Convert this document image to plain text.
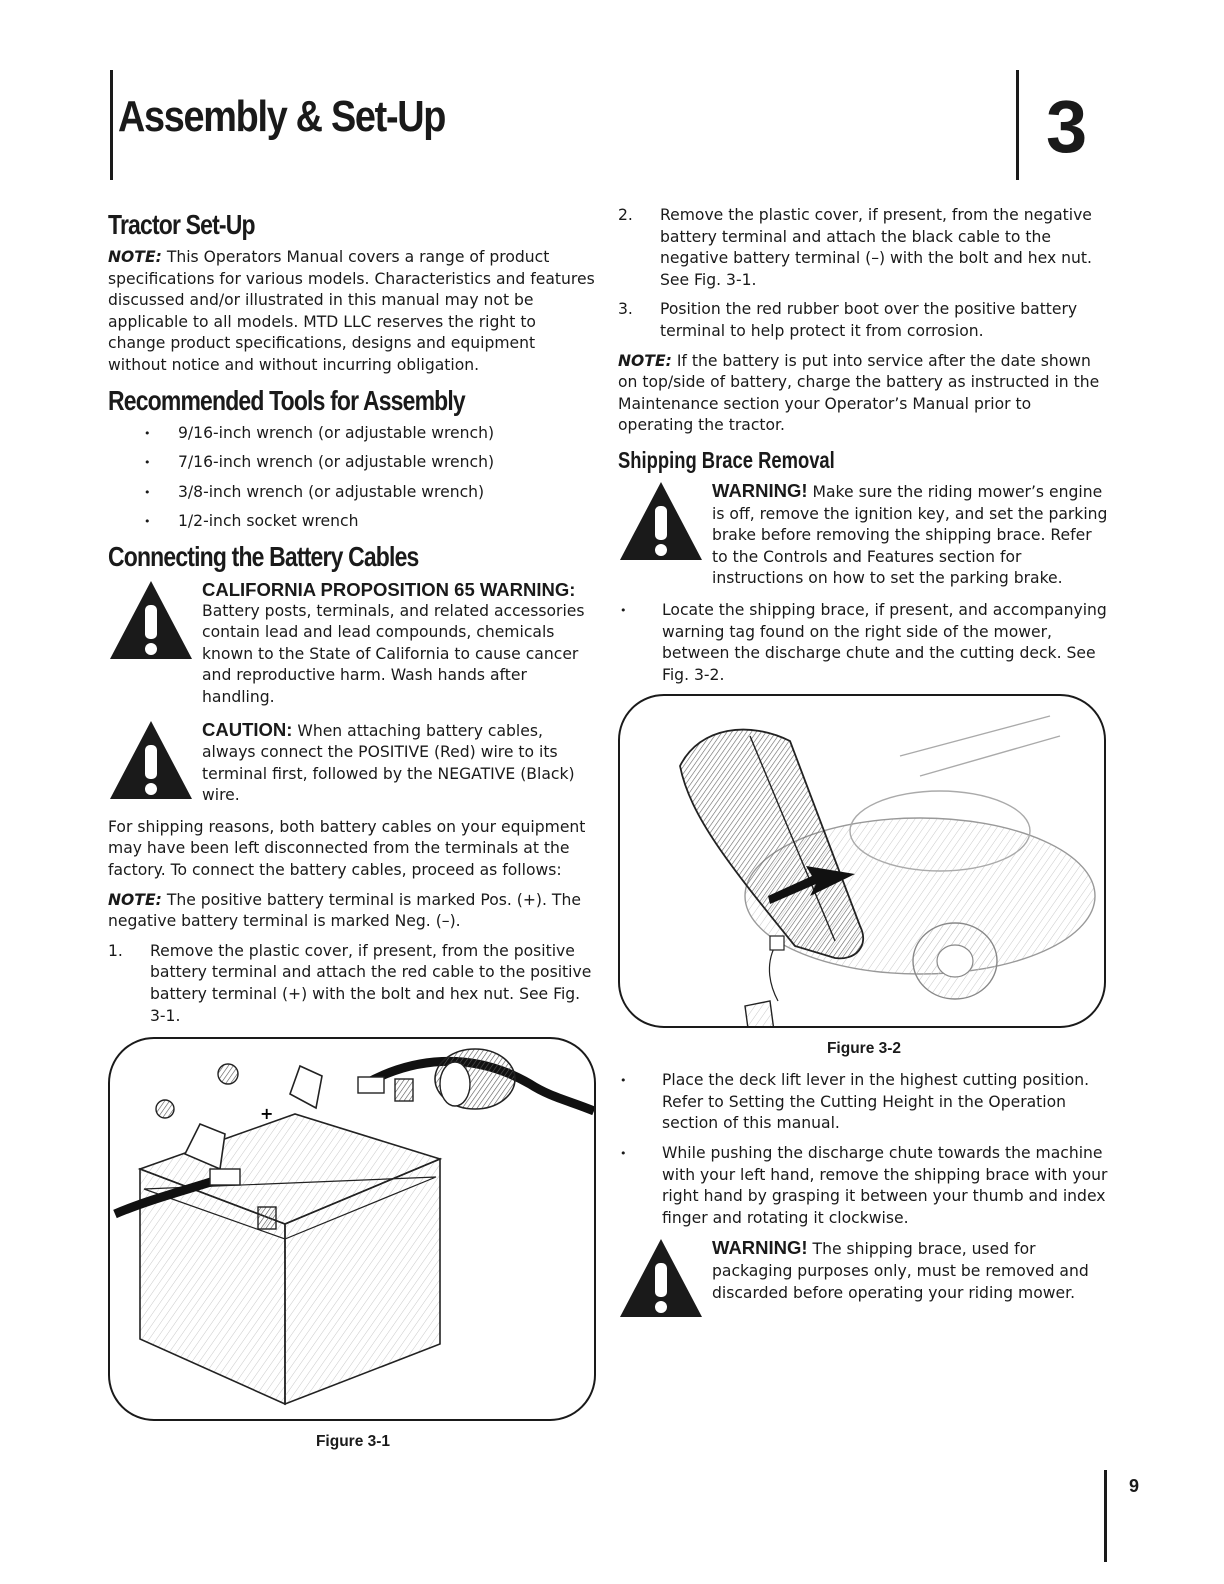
Assembly & Set-Up	3
Tractor Set-Up

NOTE: This Operators Manual covers a range of product specifications for various models. Characteristics and features discussed and/or illustrated in this manual may not be applicable to all models. MTD LLC reserves the right to change product specifications, designs and equipment without notice and without incurring obligation.

Recommended Tools for Assembly
• 9/16-inch wrench (or adjustable wrench)
• 7/16-inch wrench (or adjustable wrench)
• 3/8-inch wrench (or adjustable wrench)
• 1/2-inch socket wrench
Connecting the Battery Cables
CALIFORNIA PROPOSITION 65 WARNING:
Battery posts, terminals, and related accessories contain lead and lead compounds, chemicals known to the State of California to cause cancer and reproductive harm. Wash hands after handling.
CAUTION: When attaching battery cables, always connect the POSITIVE (Red) wire to its terminal first, followed by the NEGATIVE (Black) wire.

For shipping reasons, both battery cables on your equipment may have been left disconnected from the terminals at the factory. To connect the battery cables, proceed as follows:

NOTE: The positive battery terminal is marked Pos. (+). The negative battery terminal is marked Neg. (–).

1. Remove the plastic cover, if present, from the positive battery terminal and attach the red cable to the positive battery terminal (+) with the bolt and hex nut. See Fig. 3-1.
+
Figure 3-1
2. Remove the plastic cover, if present, from the negative battery terminal and attach the black cable to the negative battery terminal (–) with the bolt and hex nut. See Fig. 3-1.
3. Position the red rubber boot over the positive battery terminal to help protect it from corrosion.

NOTE: If the battery is put into service after the date shown on top/side of battery, charge the battery as instructed in the Maintenance section your Operator’s Manual prior to operating the tractor.

Shipping Brace Removal
WARNING! Make sure the riding mower’s engine is off, remove the ignition key, and set the parking brake before removing the shipping brace. Refer to the Controls and Features section for instructions on how to set the parking brake.
• Locate the shipping brace, if present, and accompanying warning tag found on the right side of the mower, between the discharge chute and the cutting deck. See Fig. 3-2.
Figure 3-2
• Place the deck lift lever in the highest cutting position. Refer to Setting the Cutting Height in the Operation section of this manual.
• While pushing the discharge chute towards the machine with your left hand, remove the shipping brace with your right hand by grasping it between your thumb and index finger and rotating it clockwise.
WARNING! The shipping brace, used for packaging purposes only, must be removed and discarded before operating your riding mower.
9
